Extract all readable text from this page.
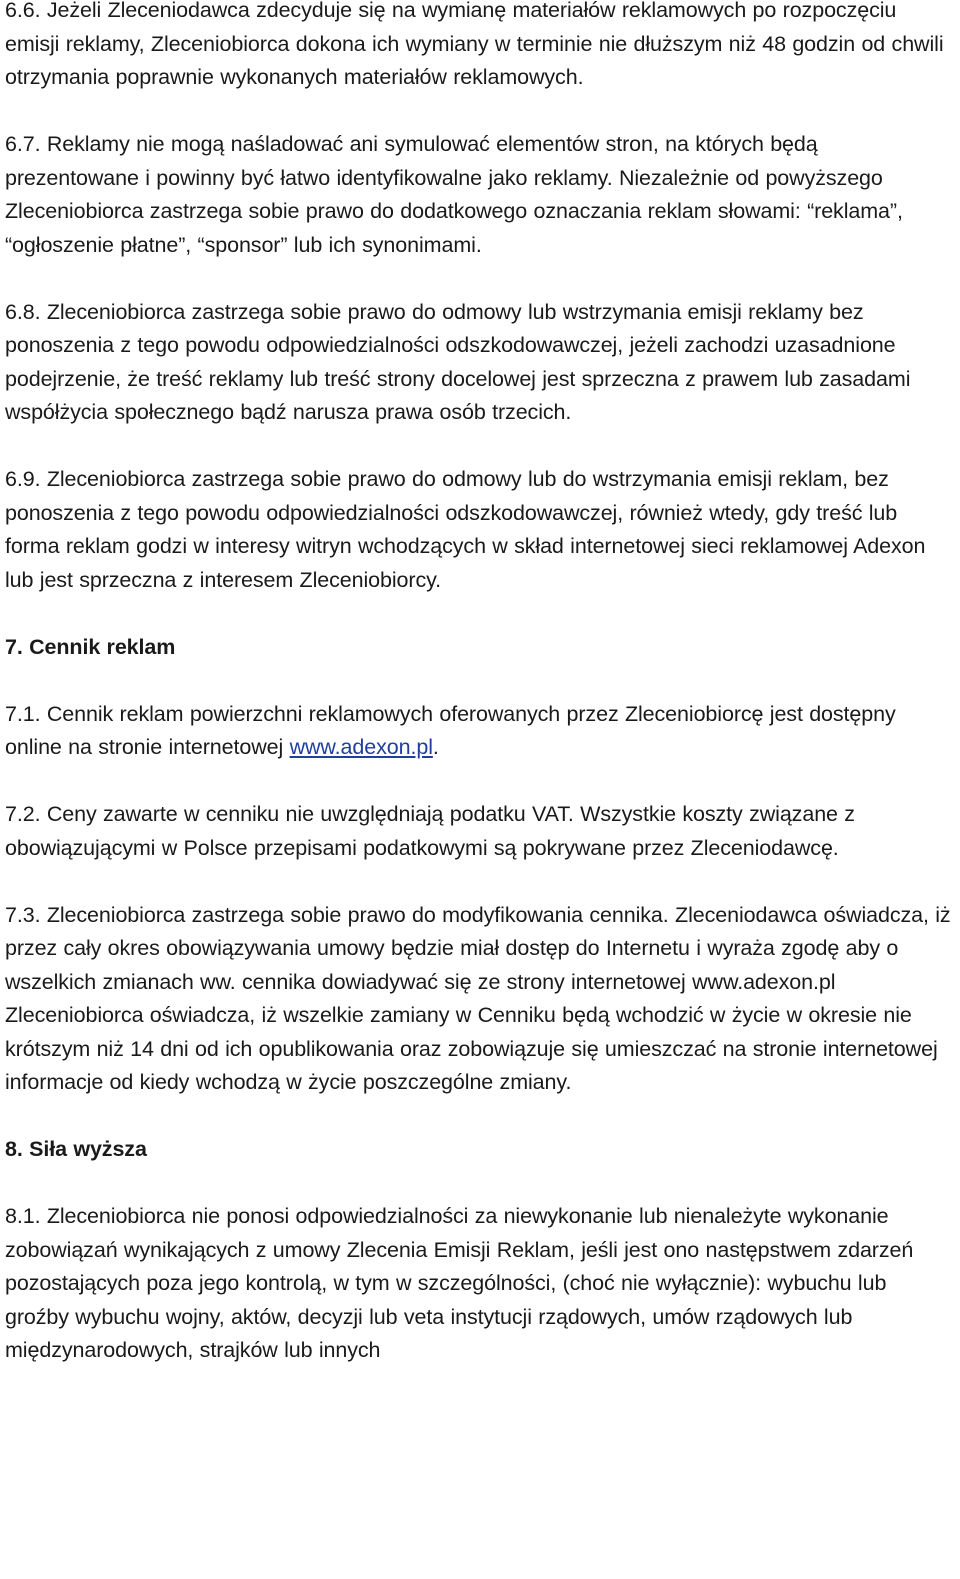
6.6. Jeżeli Zleceniodawca zdecyduje się na wymianę materiałów reklamowych po rozpoczęciu emisji reklamy, Zleceniobiorca dokona ich wymiany w terminie nie dłuższym niż 48 godzin od chwili otrzymania poprawnie wykonanych materiałów reklamowych.

6.7. Reklamy nie mogą naśladować ani symulować elementów stron, na których będą prezentowane i powinny być łatwo identyfikowalne jako reklamy. Niezależnie od powyższego Zleceniobiorca zastrzega sobie prawo do dodatkowego oznaczania reklam słowami: “reklama”, “ogłoszenie płatne”, “sponsor” lub ich synonimami.

6.8. Zleceniobiorca zastrzega sobie prawo do odmowy lub wstrzymania emisji reklamy bez ponoszenia z tego powodu odpowiedzialności odszkodowawczej, jeżeli zachodzi uzasadnione podejrzenie, że treść reklamy lub treść strony docelowej jest sprzeczna z prawem lub zasadami współżycia społecznego bądź narusza prawa osób trzecich.

6.9. Zleceniobiorca zastrzega sobie prawo do odmowy lub do wstrzymania emisji reklam, bez ponoszenia z tego powodu odpowiedzialności odszkodowawczej, również wtedy, gdy treść lub forma reklam godzi w interesy witryn wchodzących w skład internetowej sieci reklamowej Adexon lub jest sprzeczna z interesem Zleceniobiorcy.

7. Cennik reklam

7.1. Cennik reklam powierzchni reklamowych oferowanych przez Zleceniobiorcę jest dostępny online na stronie internetowej www.adexon.pl.

7.2. Ceny zawarte w cenniku nie uwzględniają podatku VAT. Wszystkie koszty związane z obowiązującymi w Polsce przepisami podatkowymi są pokrywane przez Zleceniodawcę.

7.3. Zleceniobiorca zastrzega sobie prawo do modyfikowania cennika. Zleceniodawca oświadcza, iż przez cały okres obowiązywania umowy będzie miał dostęp do Internetu i wyraża zgodę aby o wszelkich zmianach ww. cennika dowiadywać się ze strony internetowej www.adexon.pl

Zleceniobiorca oświadcza, iż wszelkie zamiany w Cenniku będą wchodzić w życie w okresie nie krótszym niż 14 dni od ich opublikowania oraz zobowiązuje się umieszczać na stronie internetowej informacje od kiedy wchodzą w życie poszczególne zmiany.

8. Siła wyższa

8.1. Zleceniobiorca nie ponosi odpowiedzialności za niewykonanie lub nienależyte wykonanie zobowiązań wynikających z umowy Zlecenia Emisji Reklam, jeśli jest ono następstwem zdarzeń pozostających poza jego kontrolą, w tym w szczególności, (choć nie wyłącznie): wybuchu lub groźby wybuchu wojny, aktów, decyzji lub veta instytucji rządowych, umów rządowych lub międzynarodowych, strajków lub innych
